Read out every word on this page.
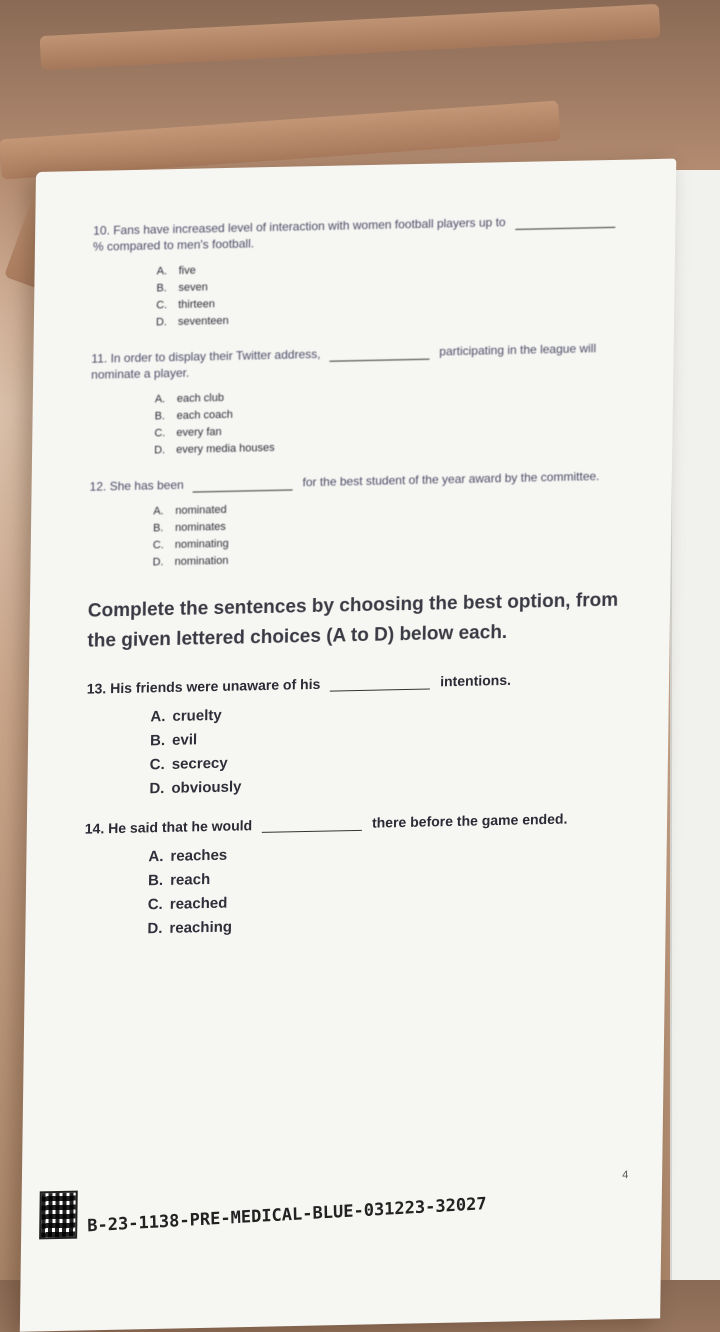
10. Fans have increased level of interaction with women football players up to  % compared to men's football.
A. five
B. seven
C. thirteen
D. seventeen
11. In order to display their Twitter address,	participating in the league will nominate a player.
A. each club
B. each coach
C. every fan
D. every media houses
12. She has been	for the best student of the year award by the committee.
A. nominated
B. nominates
C. nominating
D. nomination
Complete the sentences by choosing the best option, from the given lettered choices (A to D) below each.
13. His friends were unaware of his	intentions.
A. cruelty
B. evil
C. secrecy
D. obviously
14. He said that he would	there before the game ended.
A. reaches
B. reach
C. reached
D. reaching
B-23-1138-PRE-MEDICAL-BLUE-031223-32027
4
